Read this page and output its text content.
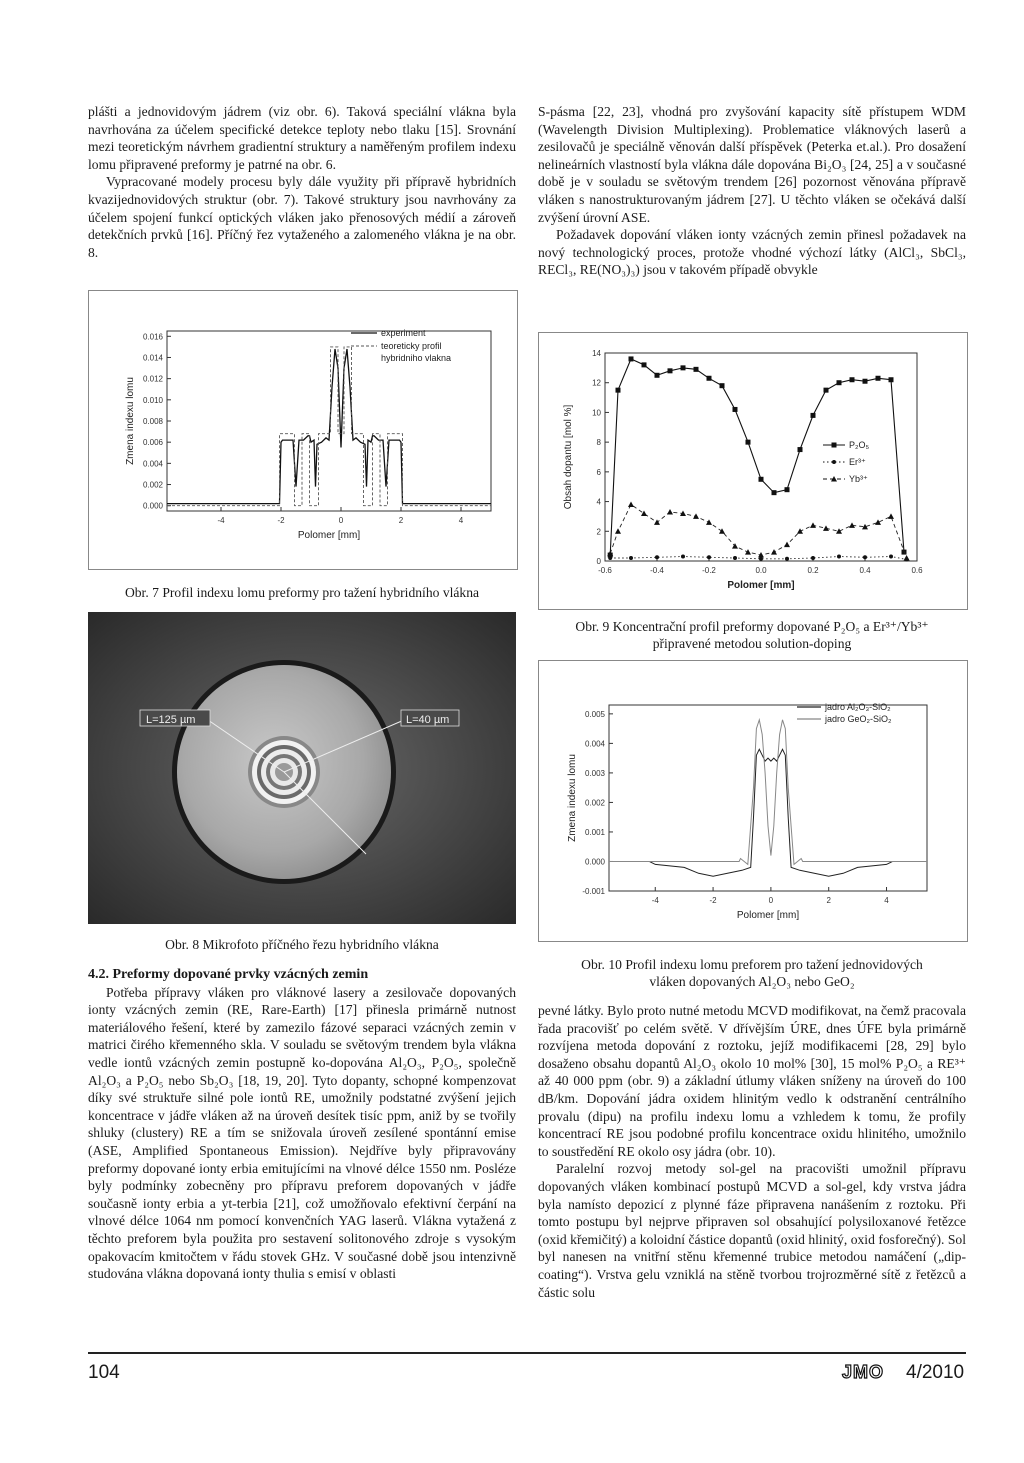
plášti a jednovidovým jádrem (viz obr. 6). Taková speciální vlákna byla navrhována za účelem specifické detekce teploty nebo tlaku [15]. Srovnání mezi teoretickým návrhem gradientní struktury a naměřeným profilem indexu lomu připravené preformy je patrné na obr. 6.

Vypracované modely procesu byly dále využity při přípravě hybridních kvazijednovidových struktur (obr. 7). Takové struktury jsou navrhovány za účelem spojení funkcí optických vláken jako přenosových médií a zároveň detekčních prvků [16]. Příčný řez vytaženého a zalomeného vlákna je na obr. 8.

0.000
0.002
0.004
0.006
0.008
0.010
0.012
0.014
0.016
-4	-2	0	2	4
Polomer [mm]
Zmena indexu lomu
experiment
teoreticky profil
hybridniho vlakna
Obr. 7 Profil indexu lomu preformy pro tažení hybridního vlákna
L=125 µm	L=40 µm
Obr. 8 Mikrofoto příčného řezu hybridního vlákna

4.2. Preformy dopované prvky vzácných zemin

Potřeba přípravy vláken pro vláknové lasery a zesilovače dopovaných ionty vzácných zemin (RE, Rare-Earth) [17] přinesla primárně nutnost materiálového řešení, které by zamezilo fázové separaci vzácných zemin v matrici čirého křemenného skla. V souladu se světovým trendem byla vlákna vedle iontů vzácných zemin postupně ko-dopována Al₂O₃, P₂O₅, společně Al₂O₃ a P₂O₅ nebo Sb₂O₃ [18, 19, 20]. Tyto dopanty, schopné kompenzovat díky své struktuře silné pole iontů RE, umožnily podstatné zvýšení jejich koncentrace v jádře vláken až na úroveň desítek tisíc ppm, aniž by se tvořily shluky (clustery) RE a tím se snižovala úroveň zesílené spontánní emise (ASE, Amplified Spontaneous Emission). Nejdříve byly připravovány preformy dopované ionty erbia emitujícími na vlnové délce 1550 nm. Posléze byly podmínky zobecněny pro přípravu preforem dopovaných v jádře současně ionty erbia a yt-terbia [21], což umožňovalo efektivní čerpání na vlnové délce 1064 nm pomocí konvenčních YAG laserů. Vlákna vytažená z těchto preforem byla použita pro sestavení solitonového zdroje s vysokým opakovacím kmitočtem v řádu stovek GHz. V současné době jsou intenzivně studována vlákna dopovaná ionty thulia s emisí v oblasti

S-pásma [22, 23], vhodná pro zvyšování kapacity sítě přístupem WDM (Wavelength Division Multiplexing). Problematice vláknových laserů a zesilovačů je speciálně věnován další příspěvek (Peterka et.al.). Pro dosažení nelineárních vlastností byla vlákna dále dopována Bi₂O₃ [24, 25] a v současné době je v souladu se světovým trendem [26] pozornost věnována přípravě vláken s nanostrukturovaným jádrem [27]. U těchto vláken se očekává další zvýšení úrovní ASE.

Požadavek dopování vláken ionty vzácných zemin přinesl požadavek na nový technologický proces, protože vhodné výchozí látky (AlCl₃, SbCl₃, RECl₃, RE(NO₃)₃) jsou v takovém případě obvykle

0
2
4
6
8
10
12
14
-0.6	-0.4	-0.2	0.0	0.2	0.4	0.6
Polomer [mm]
Obsah dopantu [mol %]	P₂O₅
Er³⁺
Yb³⁺
Obr. 9 Koncentrační profil preformy dopované P₂O₅ a Er³⁺/Yb³⁺
připravené metodou solution-doping
-0.001
0.000
0.001
0.002
0.003
0.004
0.005
-4	-2	0	2	4
Polomer [mm]
Zmena indexu lomu
jadro Al₂O₃-SiO₂
jadro GeO₂-SiO₂
Obr. 10 Profil indexu lomu preforem pro tažení jednovidových
vláken dopovaných Al₂O₃ nebo GeO₂

pevné látky. Bylo proto nutné metodu MCVD modifikovat, na čemž pracovala řada pracovišť po celém světě. V dřívějším ÚRE, dnes ÚFE byla primárně rozvíjena metoda dopování z roztoku, jejíž modifikacemi [28, 29] bylo dosaženo obsahu dopantů Al₂O₃ okolo 10 mol% [30], 15 mol% P₂O₅ a RE³⁺ až 40 000 ppm (obr. 9) a základní útlumy vláken sníženy na úroveň do 100 dB/km. Dopování jádra oxidem hlinitým vedlo k odstranění centrálního provalu (dipu) na profilu indexu lomu a vzhledem k tomu, že profily koncentrací RE jsou podobné profilu koncentrace oxidu hlinitého, umožnilo to soustředění RE okolo osy jádra (obr. 10).

Paralelní rozvoj metody sol-gel na pracovišti umožnil přípravu dopovaných vláken kombinací postupů MCVD a sol-gel, kdy vrstva jádra byla namísto depozicí z plynné fáze připravena nanášením z roztoku. Při tomto postupu byl nejprve připraven sol obsahující polysiloxanové řetězce (oxid křemičitý) a koloidní částice dopantů (oxid hlinitý, oxid fosforečný). Sol byl nanesen na vnitřní stěnu křemenné trubice metodou namáčení („dip-coating“). Vrstva gelu vzniklá na stěně tvorbou trojrozměrné sítě z řetězců a částic solu

104	JMO 4/2010
